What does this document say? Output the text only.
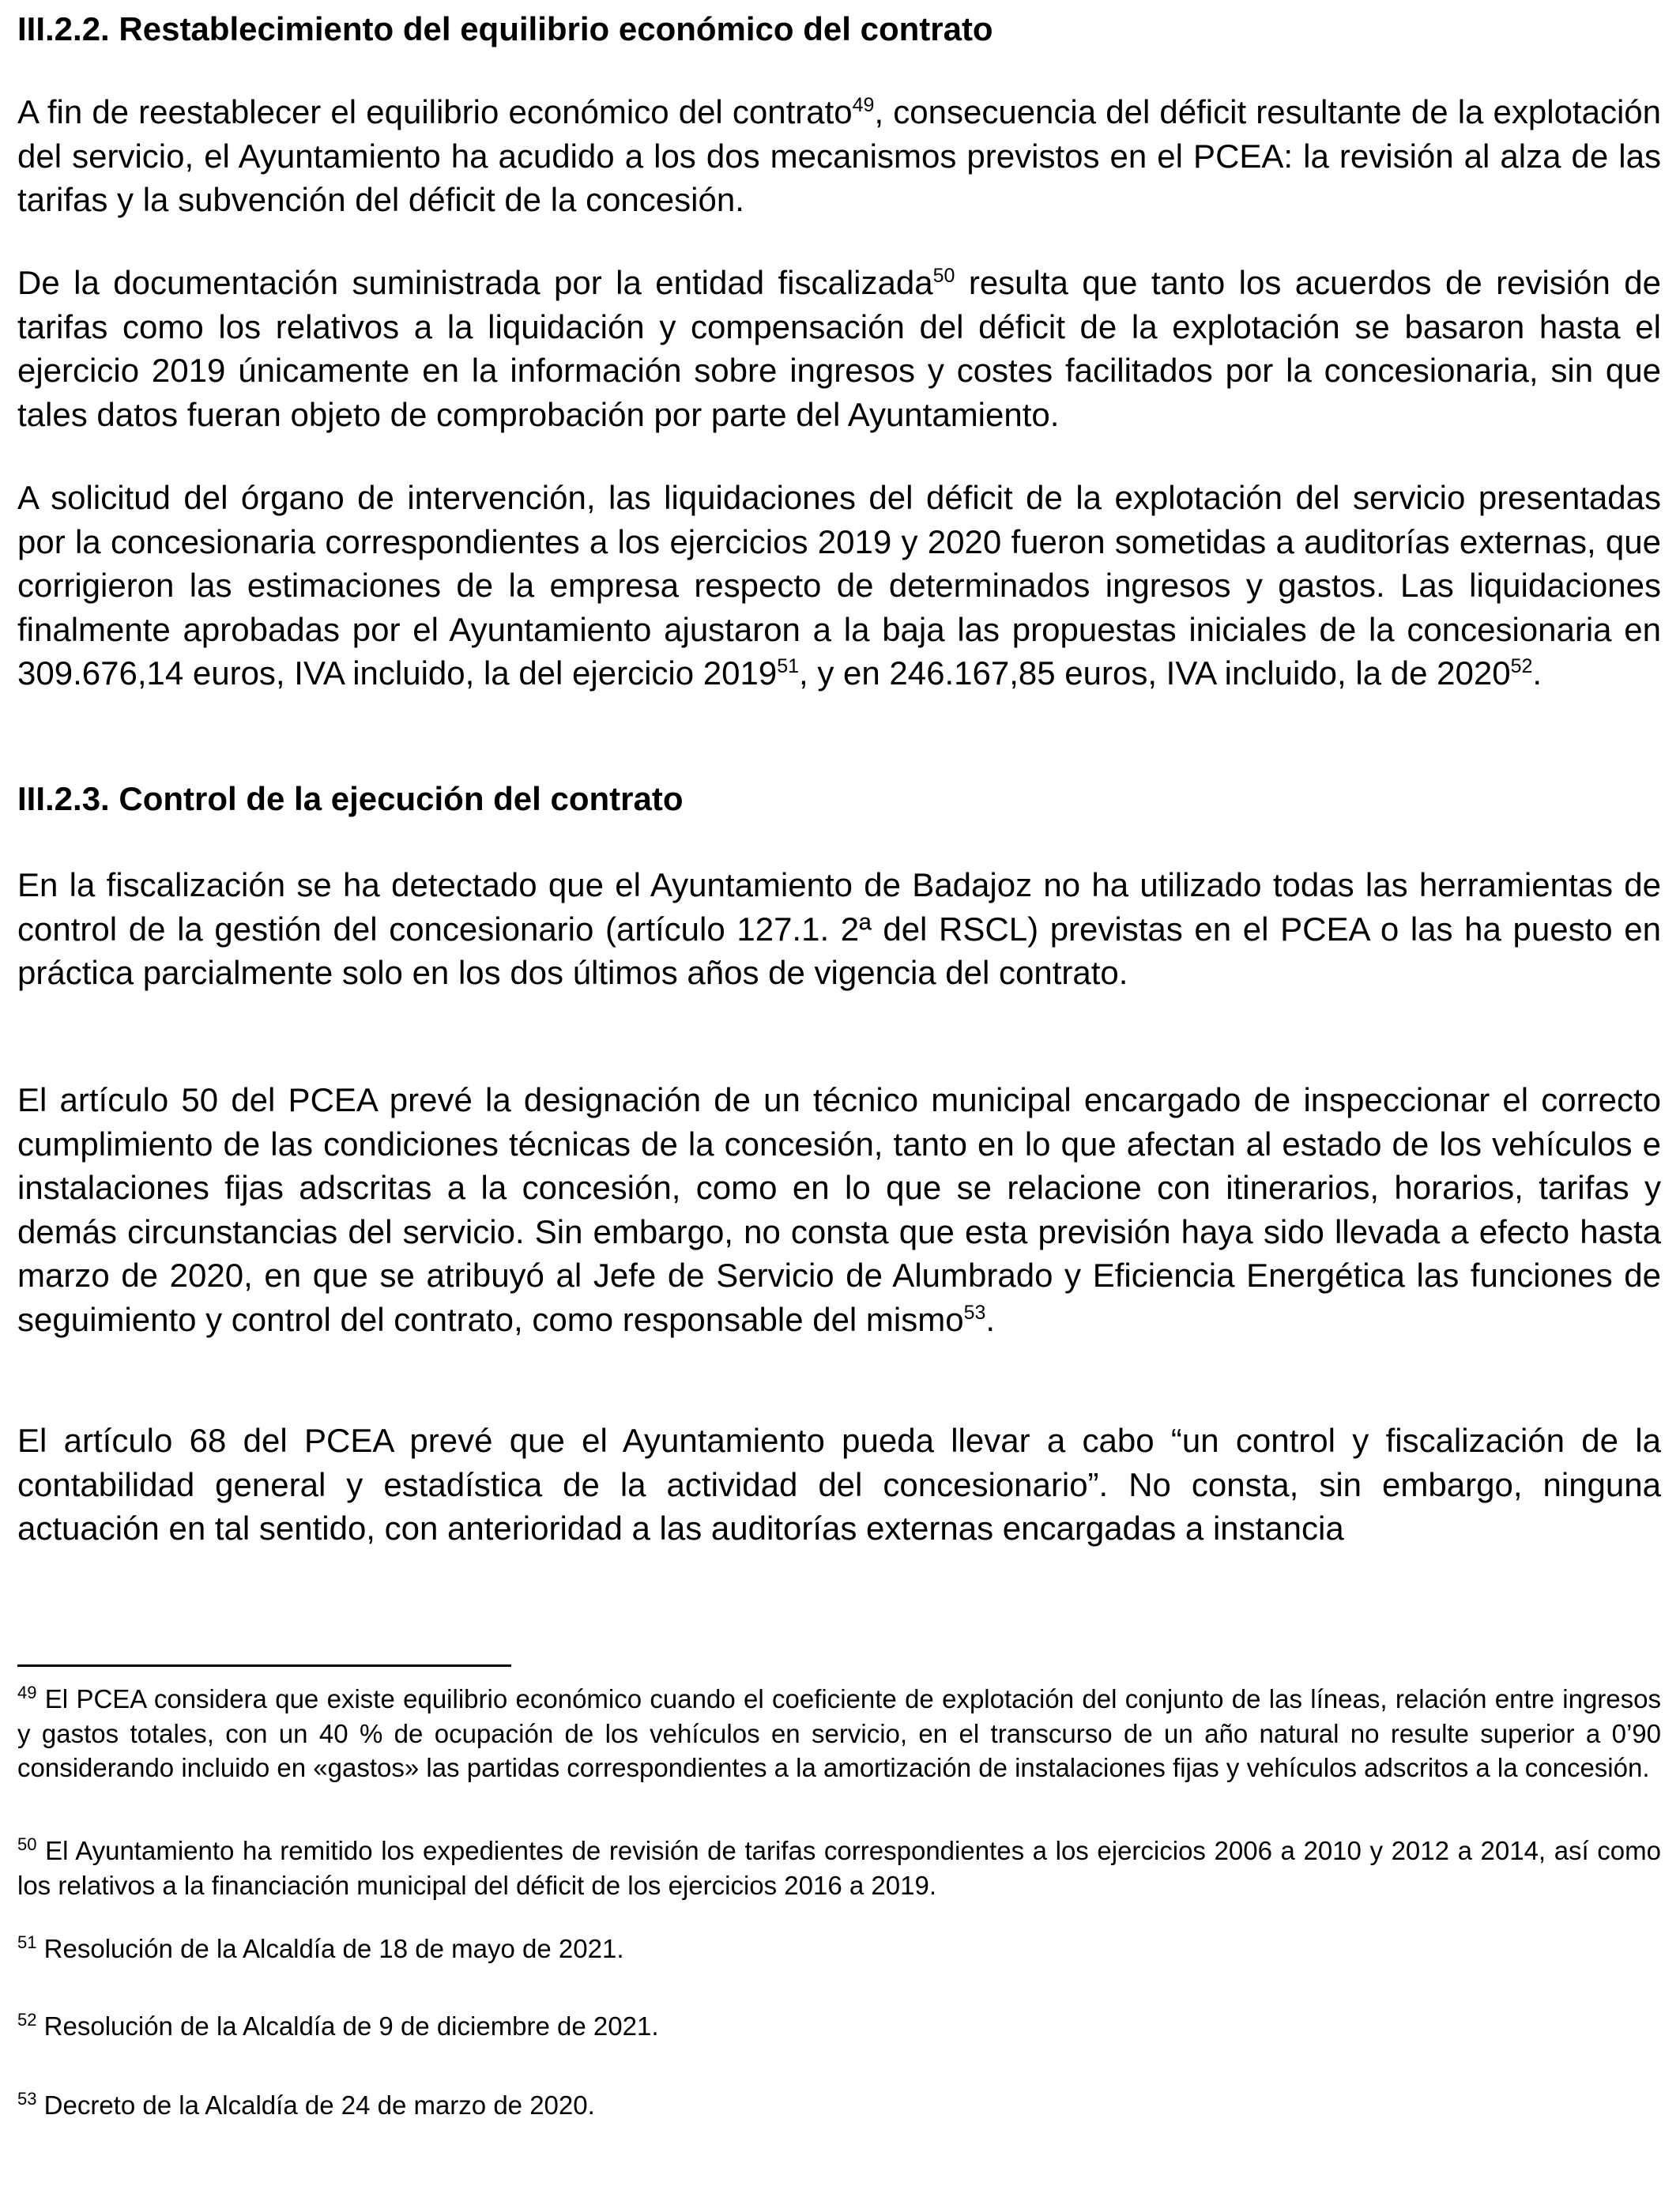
III.2.2. Restablecimiento del equilibrio económico del contrato

A fin de reestablecer el equilibrio económico del contrato$^{49}$, consecuencia del déficit resultante de la explotación del servicio, el Ayuntamiento ha acudido a los dos mecanismos previstos en el PCEA: la revisión al alza de las tarifas y la subvención del déficit de la concesión.

De la documentación suministrada por la entidad fiscalizada$^{50}$ resulta que tanto los acuerdos de revisión de tarifas como los relativos a la liquidación y compensación del déficit de la explotación se basaron hasta el ejercicio 2019 únicamente en la información sobre ingresos y costes facilitados por la concesionaria, sin que tales datos fueran objeto de comprobación por parte del Ayuntamiento.

A solicitud del órgano de intervención, las liquidaciones del déficit de la explotación del servicio presentadas por la concesionaria correspondientes a los ejercicios 2019 y 2020 fueron sometidas a auditorías externas, que corrigieron las estimaciones de la empresa respecto de determinados ingresos y gastos. Las liquidaciones finalmente aprobadas por el Ayuntamiento ajustaron a la baja las propuestas iniciales de la concesionaria en 309.676,14 euros, IVA incluido, la del ejercicio 2019$^{51}$, y en 246.167,85 euros, IVA incluido, la de 2020$^{52}$.

III.2.3. Control de la ejecución del contrato

En la fiscalización se ha detectado que el Ayuntamiento de Badajoz no ha utilizado todas las herramientas de control de la gestión del concesionario (artículo 127.1. 2ª del RSCL) previstas en el PCEA o las ha puesto en práctica parcialmente solo en los dos últimos años de vigencia del contrato.

El artículo 50 del PCEA prevé la designación de un técnico municipal encargado de inspeccionar el correcto cumplimiento de las condiciones técnicas de la concesión, tanto en lo que afectan al estado de los vehículos e instalaciones fijas adscritas a la concesión, como en lo que se relacione con itinerarios, horarios, tarifas y demás circunstancias del servicio. Sin embargo, no consta que esta previsión haya sido llevada a efecto hasta marzo de 2020, en que se atribuyó al Jefe de Servicio de Alumbrado y Eficiencia Energética las funciones de seguimiento y control del contrato, como responsable del mismo$^{53}$.

El artículo 68 del PCEA prevé que el Ayuntamiento pueda llevar a cabo “un control y fiscalización de la contabilidad general y estadística de la actividad del concesionario”. No consta, sin embargo, ninguna actuación en tal sentido, con anterioridad a las auditorías externas encargadas a instancia

$^{49}$ El PCEA considera que existe equilibrio económico cuando el coeficiente de explotación del conjunto de las líneas, relación entre ingresos y gastos totales, con un 40 % de ocupación de los vehículos en servicio, en el transcurso de un año natural no resulte superior a 0’90 considerando incluido en «gastos» las partidas correspondientes a la amortización de instalaciones fijas y vehículos adscritos a la concesión.

$^{50}$ El Ayuntamiento ha remitido los expedientes de revisión de tarifas correspondientes a los ejercicios 2006 a 2010 y 2012 a 2014, así como los relativos a la financiación municipal del déficit de los ejercicios 2016 a 2019.

$^{51}$ Resolución de la Alcaldía de 18 de mayo de 2021.

$^{52}$ Resolución de la Alcaldía de 9 de diciembre de 2021.

$^{53}$ Decreto de la Alcaldía de 24 de marzo de 2020.
